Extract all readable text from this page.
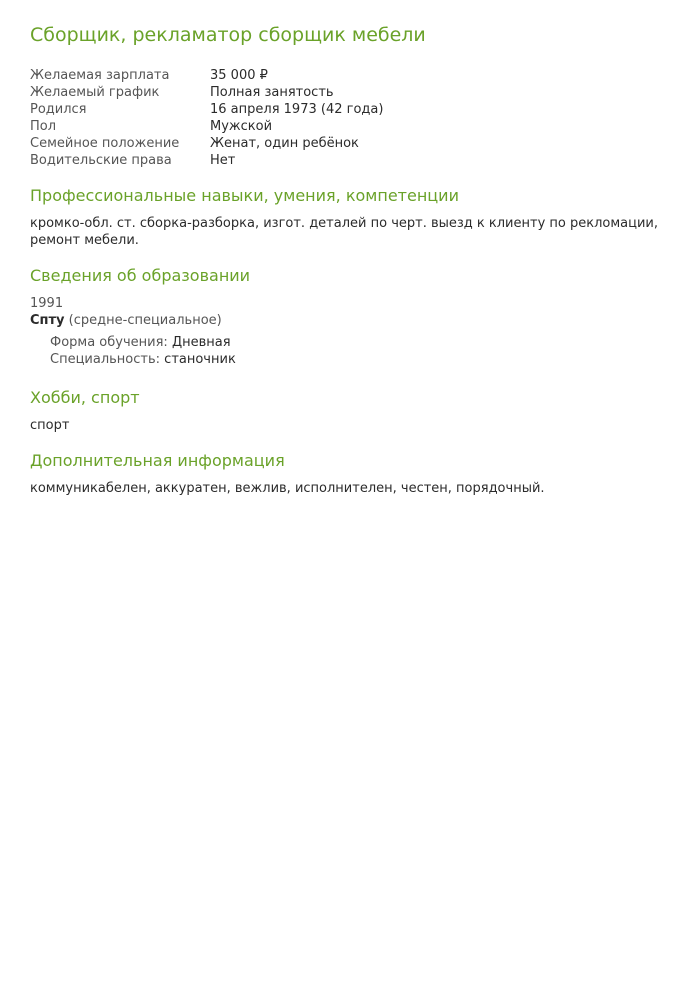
Сборщик, рекламатор сборщик мебели
Желаемая зарплата	35 000 ₽
Желаемый график	Полная занятость
Родился	16 апреля 1973 (42 года)
Пол	Мужской
Семейное положение	Женат, один ребёнок
Водительские права	Нет
Профессиональные навыки, умения, компетенции

кромко-обл. ст. сборка-разборка, изгот. деталей по черт. выезд к клиенту по рекломации, ремонт мебели.

Сведения об образовании
1991
Спту (средне-специальное)
Форма обучения: Дневная
Специальность: станочник
Хобби, спорт

спорт

Дополнительная информация

коммуникабелен, аккуратен, вежлив, исполнителен, честен, порядочный.
